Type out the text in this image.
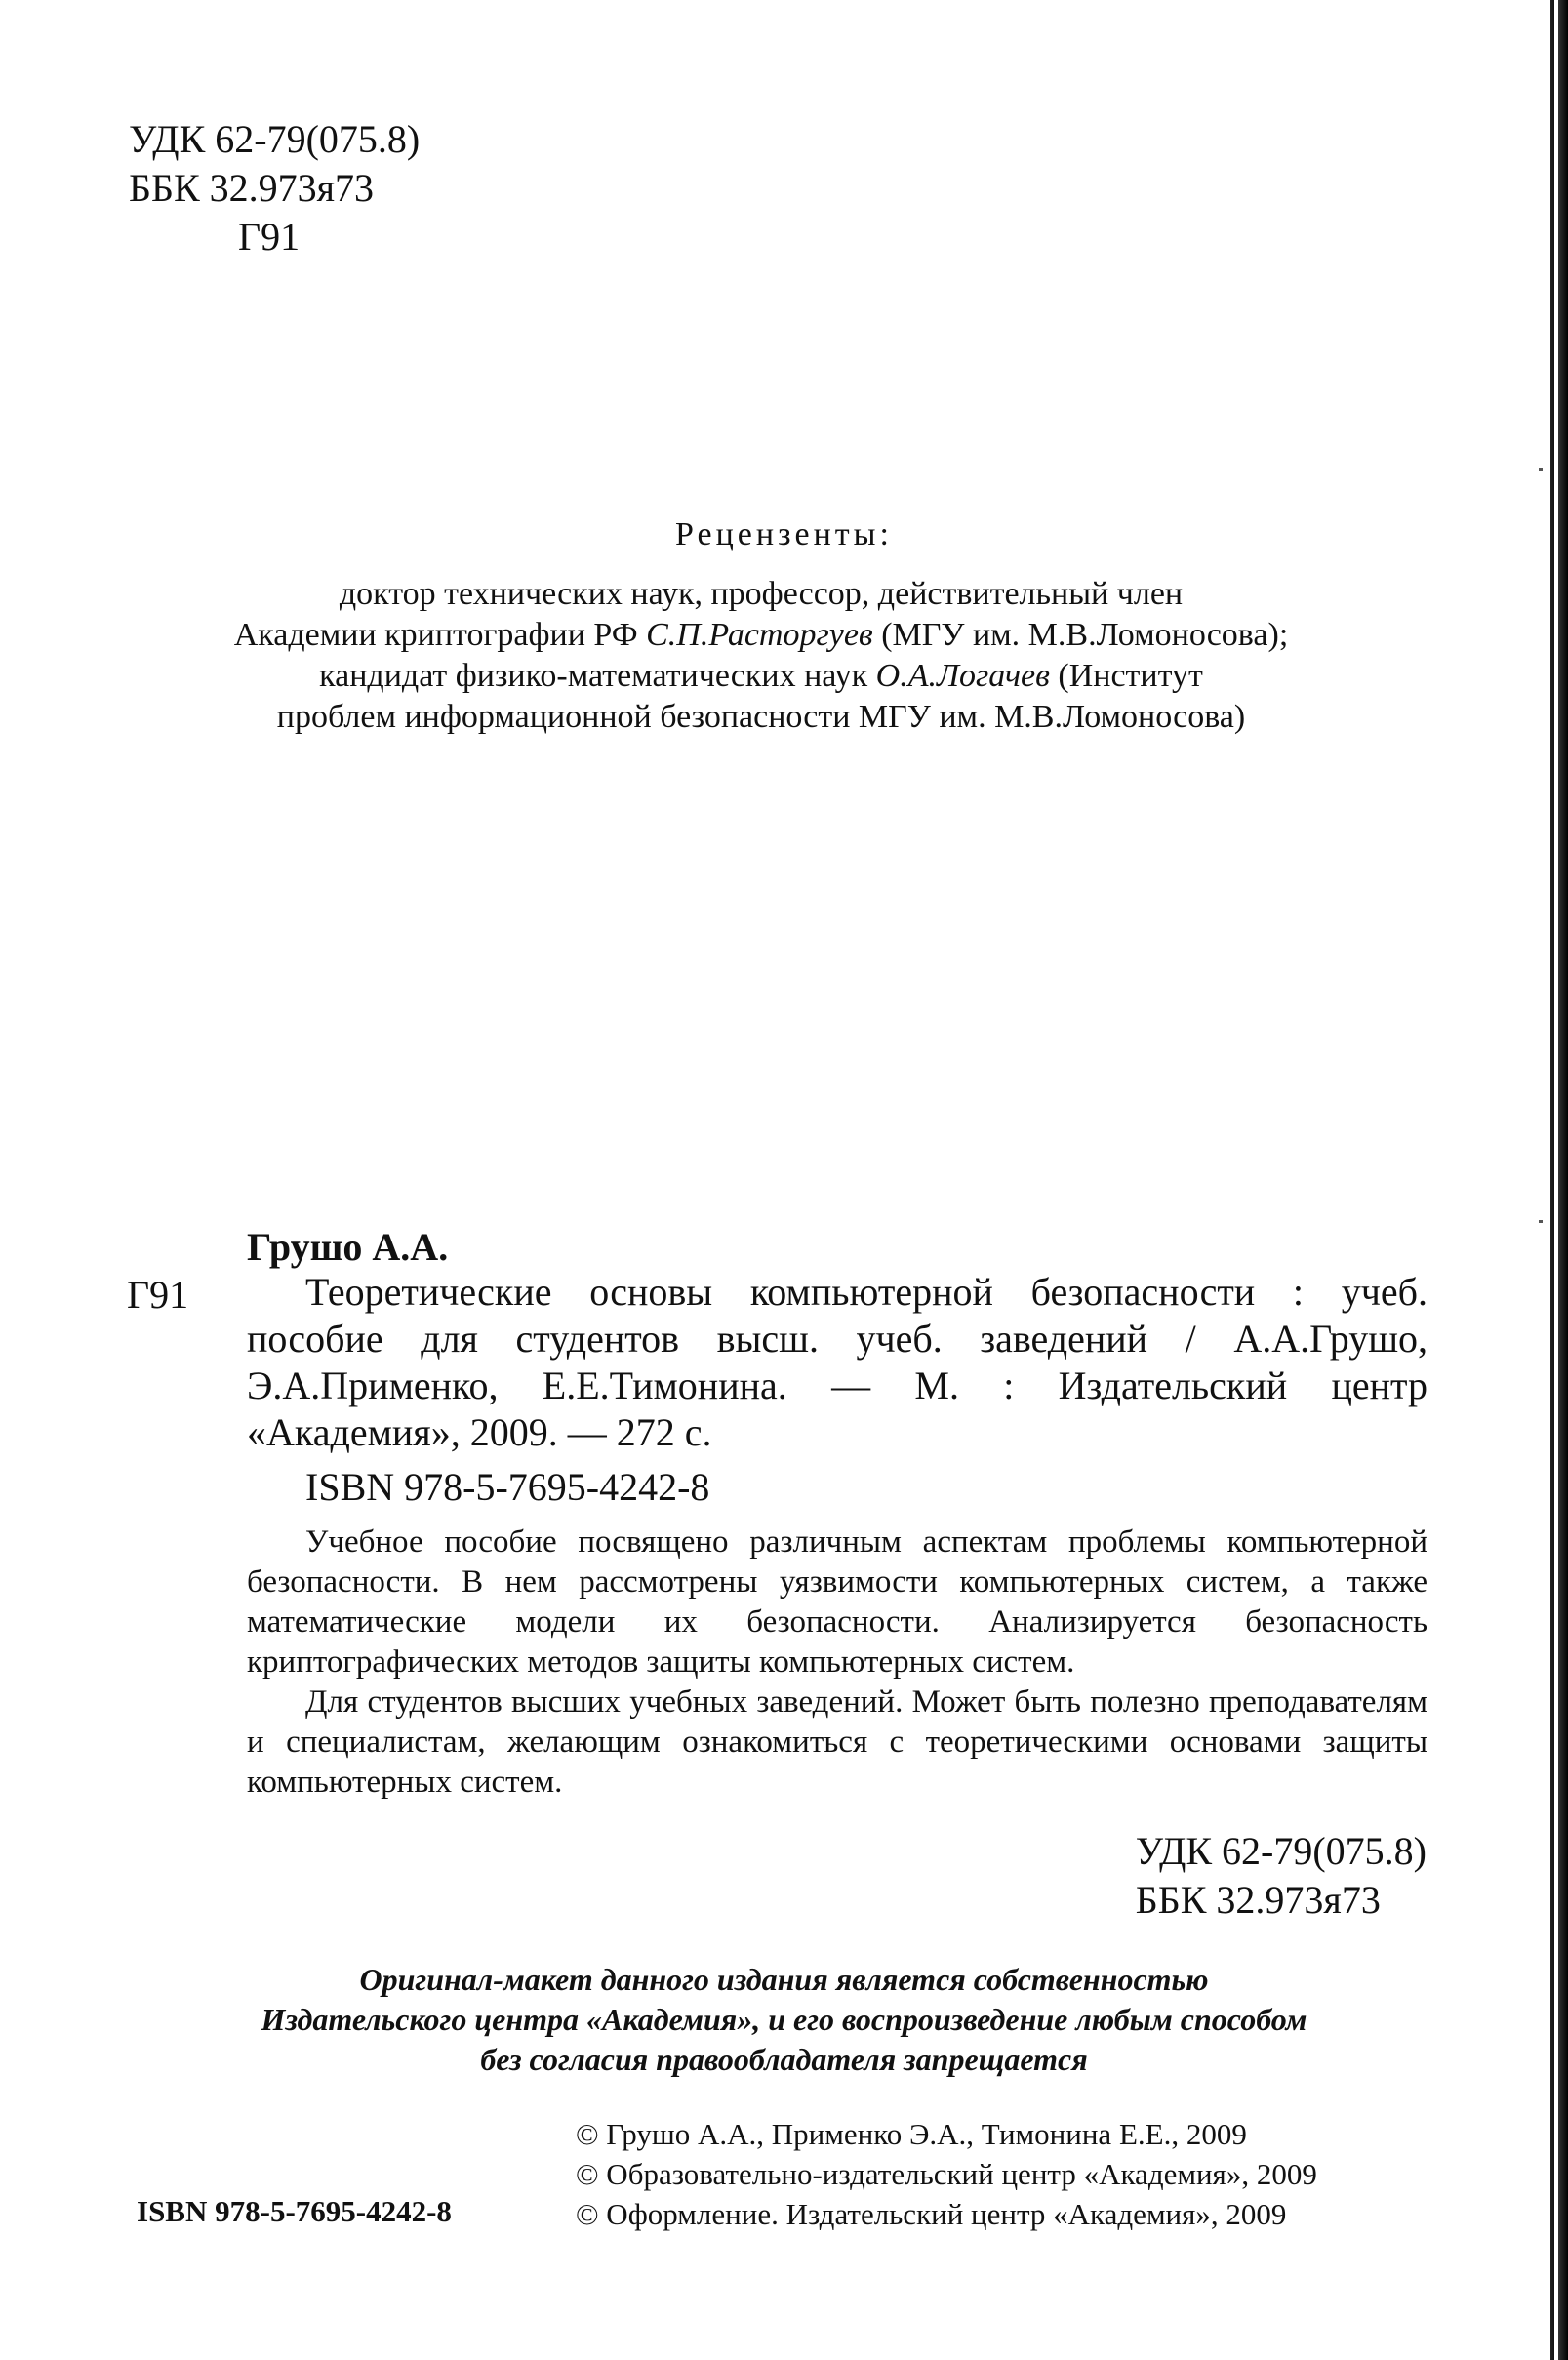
УДК 62-79(075.8)
ББК 32.973я73
Г91
Рецензенты:
доктор технических наук, профессор, действительный член
Академии криптографии РФ С.П.Расторгуев (МГУ им. М.В.Ломоносова);
кандидат физико-математических наук О.А.Логачев (Институт
проблем информационной безопасности МГУ им. М.В.Ломоносова)
Грушо А.А.
Г91	Теоретические основы компьютерной безопасности : учеб. пособие для студентов высш. учеб. заведений / А.А.Грушо, Э.А.Применко, Е.Е.Тимонина. — М. : Издательский центр «Академия», 2009. — 272 с.
ISBN 978-5-7695-4242-8

Учебное пособие посвящено различным аспектам проблемы компьютерной безопасности. В нем рассмотрены уязвимости компьютерных систем, а также математические модели их безопасности. Анализируется безопасность криптографических методов защиты компьютерных систем.

Для студентов высших учебных заведений. Может быть полезно преподавателям и специалистам, желающим ознакомиться с теоретическими основами защиты компьютерных систем.

УДК 62-79(075.8)
ББК 32.973я73
Оригинал-макет данного издания является собственностью
Издательского центра «Академия», и его воспроизведение любым способом
без согласия правообладателя запрещается
© Грушо А.А., Применко Э.А., Тимонина Е.Е., 2009
© Образовательно-издательский центр «Академия», 2009
© Оформление. Издательский центр «Академия», 2009
ISBN 978-5-7695-4242-8
